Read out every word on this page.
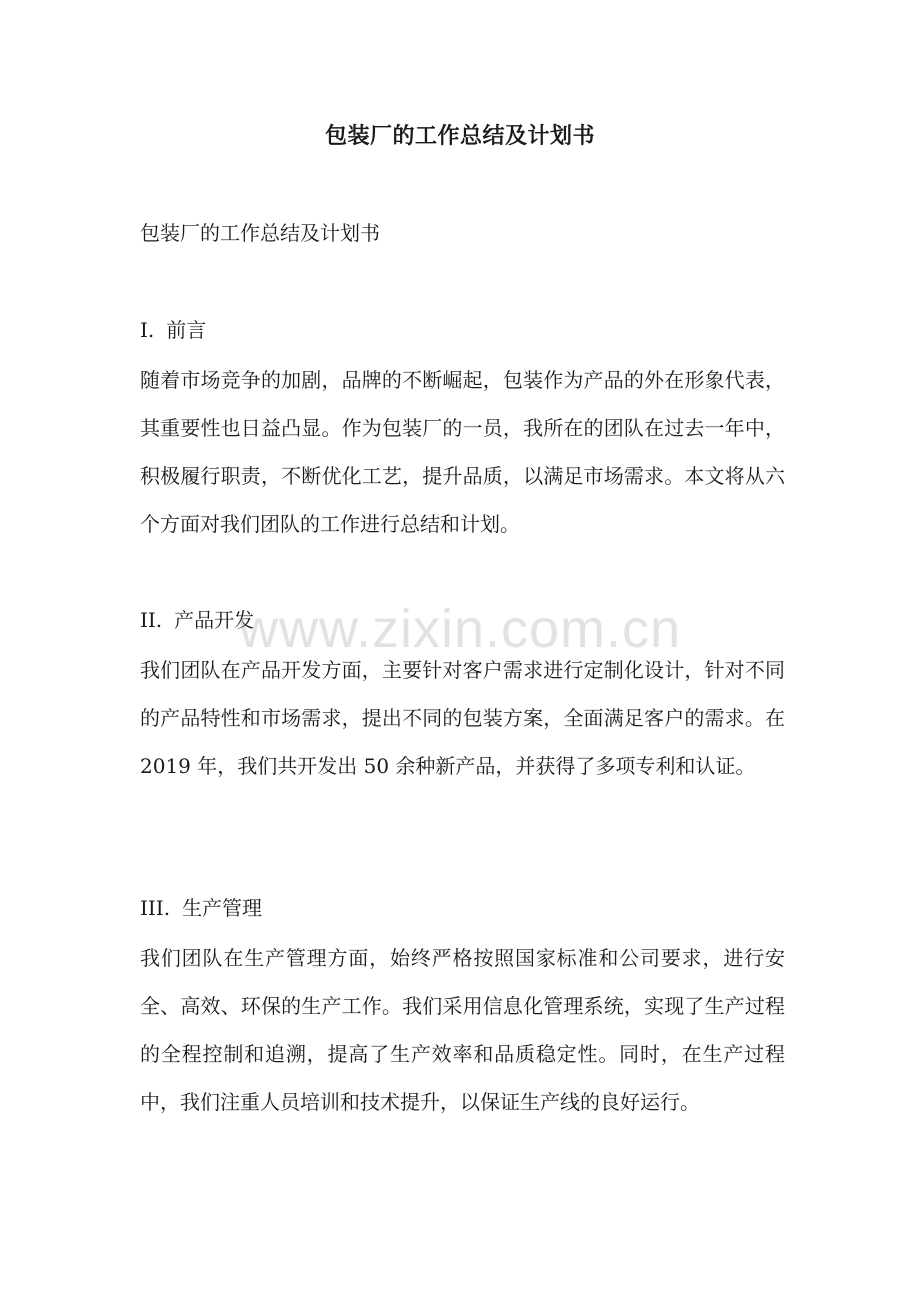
包装厂的工作总结及计划书
包装厂的工作总结及计划书
I. 前言

随着市场竞争的加剧，品牌的不断崛起，包装作为产品的外在形象代表，其重要性也日益凸显。作为包装厂的一员，我所在的团队在过去一年中，积极履行职责，不断优化工艺，提升品质，以满足市场需求。本文将从六个方面对我们团队的工作进行总结和计划。

II. 产品开发

我们团队在产品开发方面，主要针对客户需求进行定制化设计，针对不同的产品特性和市场需求，提出不同的包装方案，全面满足客户的需求。在 2019 年，我们共开发出 50 余种新产品，并获得了多项专利和认证。

III. 生产管理

我们团队在生产管理方面，始终严格按照国家标准和公司要求，进行安全、高效、环保的生产工作。我们采用信息化管理系统，实现了生产过程的全程控制和追溯，提高了生产效率和品质稳定性。同时，在生产过程中，我们注重人员培训和技术提升，以保证生产线的良好运行。

www.zixin.com.cn
